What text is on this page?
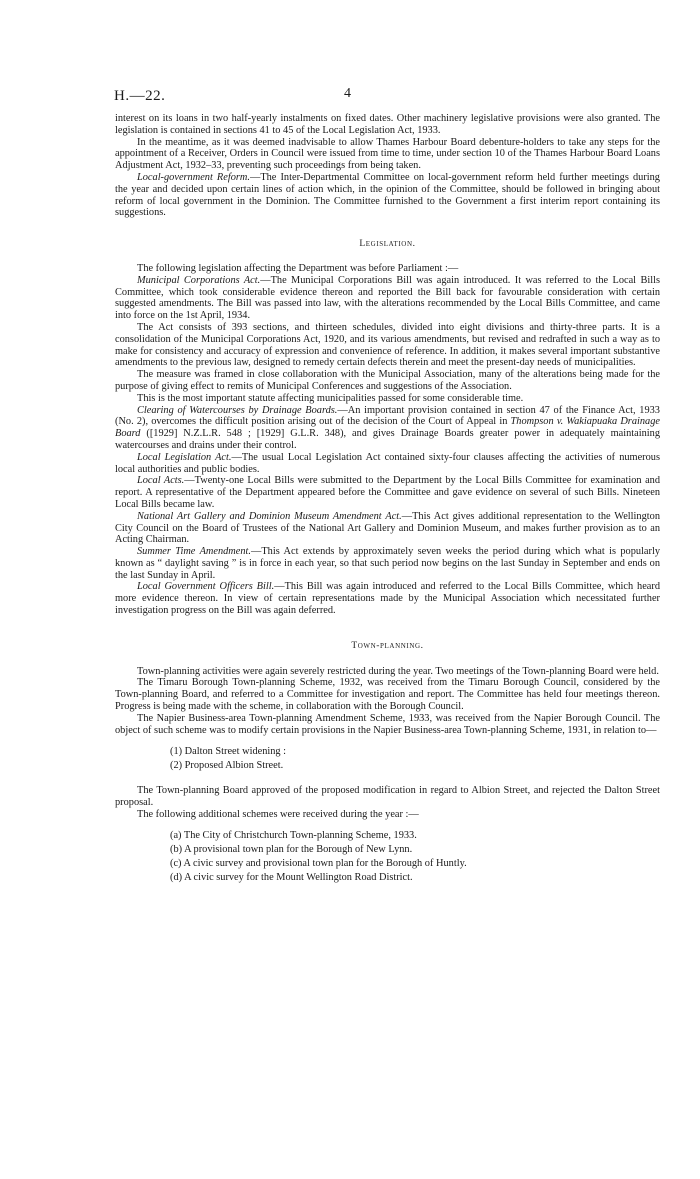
H.—22.	4

interest on its loans in two half-yearly instalments on fixed dates. Other machinery legislative provisions were also granted. The legislation is contained in sections 41 to 45 of the Local Legislation Act, 1933.

In the meantime, as it was deemed inadvisable to allow Thames Harbour Board debenture-holders to take any steps for the appointment of a Receiver, Orders in Council were issued from time to time, under section 10 of the Thames Harbour Board Loans Adjustment Act, 1932–33, preventing such proceedings from being taken.

Local-government Reform.—The Inter-Departmental Committee on local-government reform held further meetings during the year and decided upon certain lines of action which, in the opinion of the Committee, should be followed in bringing about reform of local government in the Dominion. The Committee furnished to the Government a first interim report containing its suggestions.

Legislation.

The following legislation affecting the Department was before Parliament :—

Municipal Corporations Act.—The Municipal Corporations Bill was again introduced. It was referred to the Local Bills Committee, which took considerable evidence thereon and reported the Bill back for favourable consideration with certain suggested amendments. The Bill was passed into law, with the alterations recommended by the Local Bills Committee, and came into force on the 1st April, 1934.

The Act consists of 393 sections, and thirteen schedules, divided into eight divisions and thirty-three parts. It is a consolidation of the Municipal Corporations Act, 1920, and its various amendments, but revised and redrafted in such a way as to make for consistency and accuracy of expression and convenience of reference. In addition, it makes several important substantive amendments to the previous law, designed to remedy certain defects therein and meet the present-day needs of municipalities.

The measure was framed in close collaboration with the Municipal Association, many of the alterations being made for the purpose of giving effect to remits of Municipal Conferences and suggestions of the Association.

This is the most important statute affecting municipalities passed for some considerable time.

Clearing of Watercourses by Drainage Boards.—An important provision contained in section 47 of the Finance Act, 1933 (No. 2), overcomes the difficult position arising out of the decision of the Court of Appeal in Thompson v. Wakiapuaka Drainage Board ([1929] N.Z.L.R. 548 ; [1929] G.L.R. 348), and gives Drainage Boards greater power in adequately maintaining watercourses and drains under their control.

Local Legislation Act.—The usual Local Legislation Act contained sixty-four clauses affecting the activities of numerous local authorities and public bodies.

Local Acts.—Twenty-one Local Bills were submitted to the Department by the Local Bills Committee for examination and report. A representative of the Department appeared before the Committee and gave evidence on several of such Bills. Nineteen Local Bills became law.

National Art Gallery and Dominion Museum Amendment Act.—This Act gives additional representation to the Wellington City Council on the Board of Trustees of the National Art Gallery and Dominion Museum, and makes further provision as to an Acting Chairman.

Summer Time Amendment.—This Act extends by approximately seven weeks the period during which what is popularly known as “ daylight saving ” is in force in each year, so that such period now begins on the last Sunday in September and ends on the last Sunday in April.

Local Government Officers Bill.—This Bill was again introduced and referred to the Local Bills Committee, which heard more evidence thereon. In view of certain representations made by the Municipal Association which necessitated further investigation progress on the Bill was again deferred.

Town-planning.

Town-planning activities were again severely restricted during the year. Two meetings of the Town-planning Board were held.

The Timaru Borough Town-planning Scheme, 1932, was received from the Timaru Borough Council, considered by the Town-planning Board, and referred to a Committee for investigation and report. The Committee has held four meetings thereon. Progress is being made with the scheme, in collaboration with the Borough Council.

The Napier Business-area Town-planning Amendment Scheme, 1933, was received from the Napier Borough Council. The object of such scheme was to modify certain provisions in the Napier Business-area Town-planning Scheme, 1931, in relation to—

(1) Dalton Street widening :
(2) Proposed Albion Street.

The Town-planning Board approved of the proposed modification in regard to Albion Street, and rejected the Dalton Street proposal.

The following additional schemes were received during the year :—

(a) The City of Christchurch Town-planning Scheme, 1933.
(b) A provisional town plan for the Borough of New Lynn.
(c) A civic survey and provisional town plan for the Borough of Huntly.
(d) A civic survey for the Mount Wellington Road District.
